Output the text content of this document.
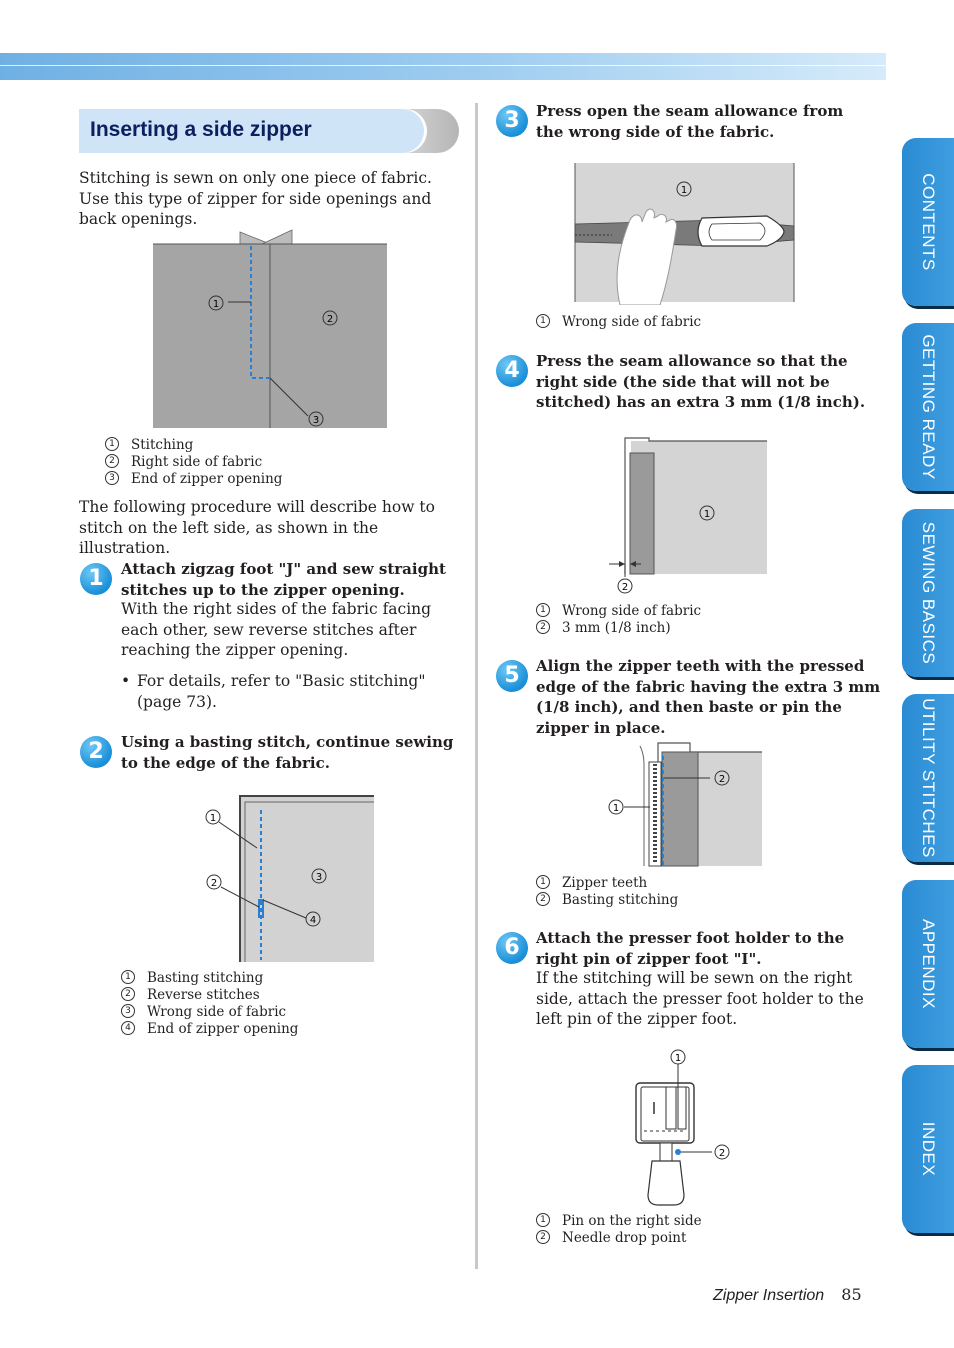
Inserting a side zipper
Stitching is sewn on only one piece of fabric. Use this type of zipper for side openings and back openings.
1
2
3
1	Stitching
2	Right side of fabric
3	End of zipper opening
The following procedure will describe how to stitch on the left side, as shown in the illustration.
1	Attach zigzag foot "J" and sew straight stitches up to the zipper opening.
With the right sides of the fabric facing each other, sew reverse stitches after reaching the zipper opening.
• For details, refer to "Basic stitching" (page 73).
2	Using a basting stitch, continue sewing to the edge of the fabric.
1
2
3
4
1	Basting stitching
2	Reverse stitches
3	Wrong side of fabric
4	End of zipper opening
3	Press open the seam allowance from the wrong side of the fabric.
1
1	Wrong side of fabric
4	Press the seam allowance so that the right side (the side that will not be stitched) has an extra 3 mm (1/8 inch).
1
2
1	Wrong side of fabric
2	3 mm (1/8 inch)
5	Align the zipper teeth with the pressed edge of the fabric having the extra 3 mm (1/8 inch), and then baste or pin the zipper in place.
2
1
1	Zipper teeth
2	Basting stitching
6	Attach the presser foot holder to the right pin of zipper foot "I".
If the stitching will be sewn on the right side, attach the presser foot holder to the left pin of the zipper foot.
1
2
1	Pin on the right side
2	Needle drop point
CONTENTS
GETTING READY
SEWING BASICS
UTILITY STITCHES
APPENDIX
INDEX
Zipper Insertion 85
